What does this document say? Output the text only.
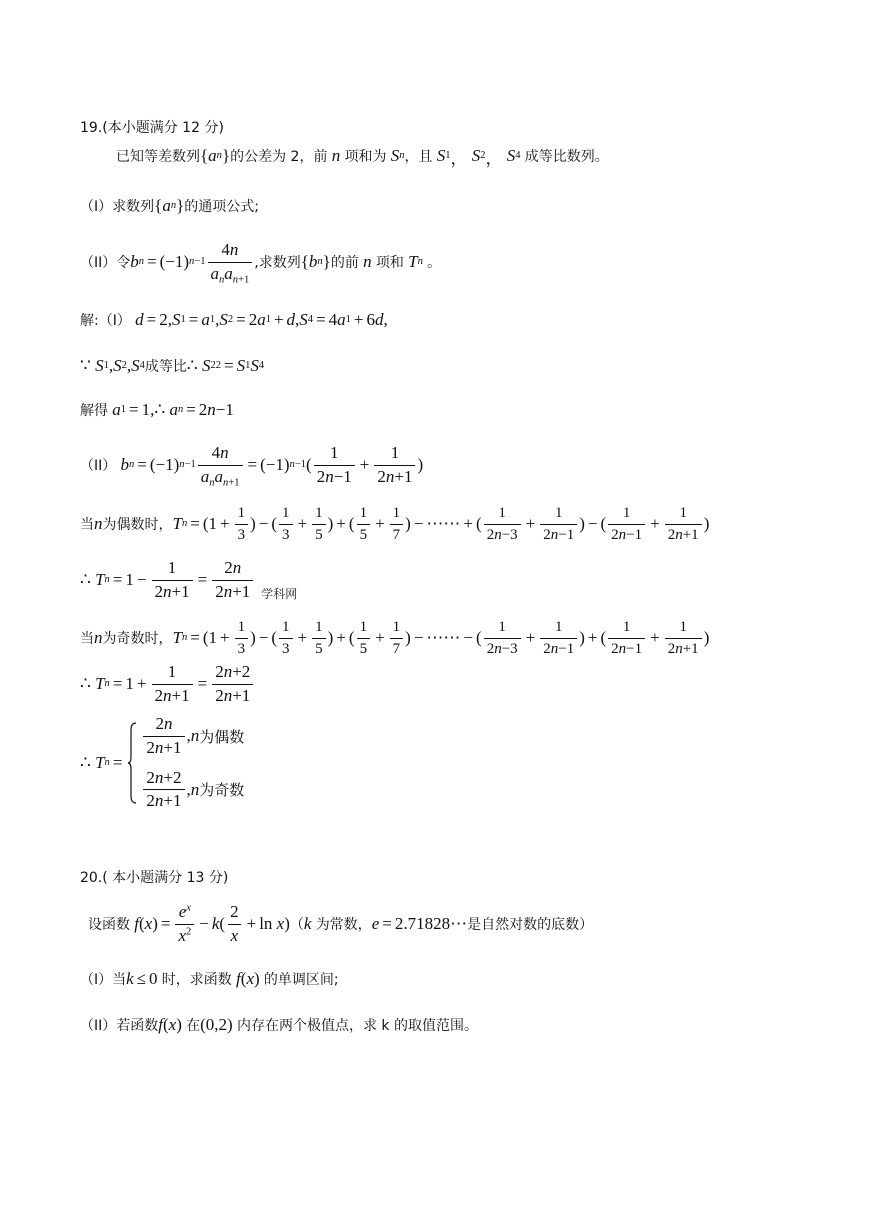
19.(本小题满分 12 分)
已知等差数列 { a n } 的公差为 2，前
n
项和为
S n ，且
S 1 ， S 2 ， S 4
成等比数列。
（I）求数列 { a n } 的通项公式;
（II）令 b n = (−1) n−1
4n
$a_na_{n+1}$
,求数列 { b n } 的前
n
项和
T n
。
解:（I）
d = 2, S 1 = a 1 , S 2 = 2 a 1 + d , S 4 = 4 a 1 + 6 d ,
∵ S 1 , S 2 , S 4 成等比 ∴ S 2 2 = S 1 S 4
解得
a 1 = 1,∴ a n = 2 n −1
（II）
b n = (−1) n−1
4n
$a_na_{n+1}$
= (−1) n−1 (
1
2n−1
+ $\frac{1}{2n+1}$ )
当 n 为偶数时， T $n = (1 + \frac{1}{3}$ ) − ( $\frac{1}{3} + \frac{1}{5}$ ) + ( $\frac{1}{5} + \frac{1}{7}$ ) − ⋯⋯ + ( $\frac{1}{2n-3} + \frac{1}{2n-1}$ ) − ( $\frac{1}{2n-1} + \frac{1}{2n+1}$ )
∴ T $n = 1 - \frac{1}{2n+1} = \frac{2n}{2n+1}$ 学科网
当 n 为奇数时， T $n = (1 + \frac{1}{3}$ ) − ( $\frac{1}{3} + \frac{1}{5}$ ) + ( $\frac{1}{5} + \frac{1}{7}$ ) − ⋯⋯ − ( $\frac{1}{2n-3} + \frac{1}{2n-1}$ ) + ( $\frac{1}{2n-1} + \frac{1}{2n+1}$ )
∴ T $n = 1 + \frac{1}{2n+1} = \frac{2n+2}{2n+1}$
∴ T n =
2n
2n+1
, n 为偶数
2n+2
2n+1
, n 为奇数
20.( 本小题满分 13 分)
设函数
f ( x ) = $\frac{e^x}{x^2} - k$ (
2
x
+ ln x ) （ k
为常数， e = 2.71828⋯ 是自然对数的底数）
（I）当 k ≤ 0 时，求函数
f ( x ) 的单调区间;
（II）若函数 f ( x ) 在 (0,2) 内存在两个极值点，求 k 的取值范围。
